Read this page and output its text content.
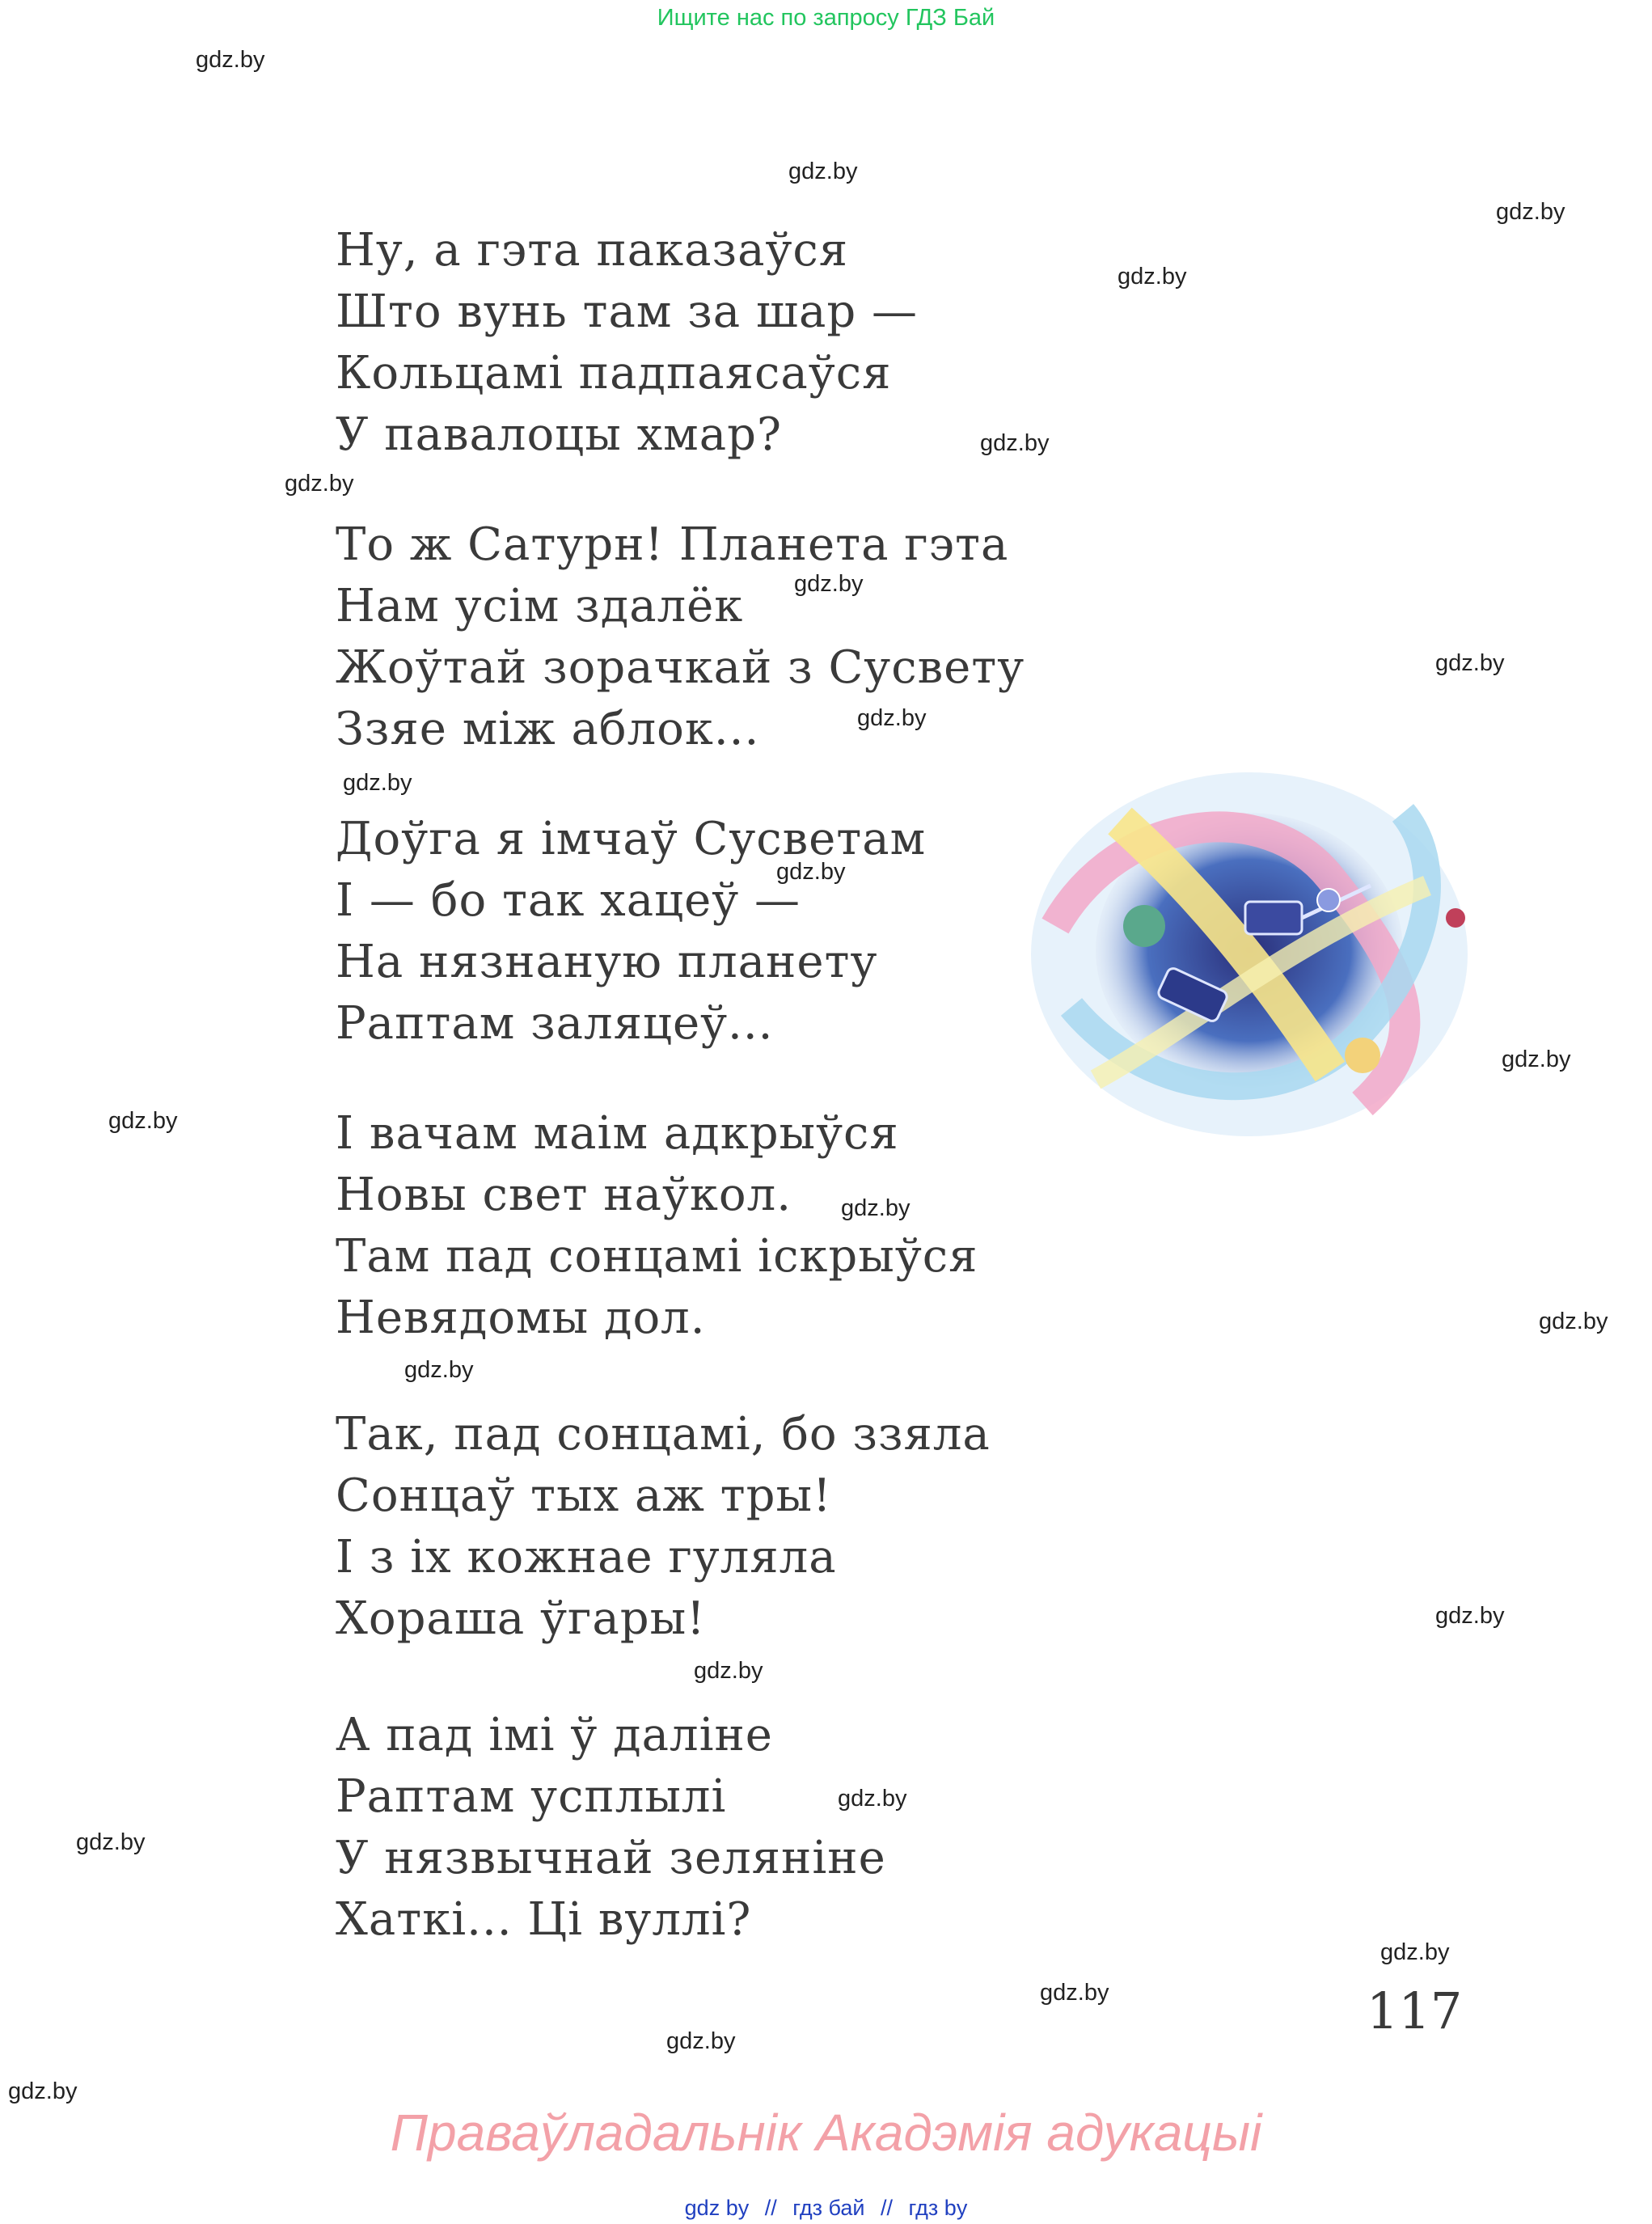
Ищите нас по запросу ГДЗ Бай
gdz.by
gdz.by
gdz.by
gdz.by
gdz.by
gdz.by
gdz.by
gdz.by
gdz.by
gdz.by
gdz.by
gdz.by
gdz.by
gdz.by
gdz.by
gdz.by
gdz.by
gdz.by
gdz.by
gdz.by
gdz.by
gdz.by
gdz.by
gdz.by
Ну, а гэта паказаўся
Што вунь там за шар —
Кольцамі падпаясаўся
У павалоцы хмар?
То ж Сатурн! Планета гэта
Нам усім здалёк
Жоўтай зорачкай з Сусвету
Ззяе між аблок...
Доўга я імчаў Сусветам
І — бо так хацеў —
На нязнаную планету
Раптам заляцеў...
І вачам маім адкрыўся
Новы свет наўкол.
Там пад сонцамі іскрыўся
Невядомы дол.
Так, пад сонцамі, бо ззяла
Сонцаў тых аж тры!
І з іх кожнае гуляла
Хораша ўгары!
А пад імі ў даліне
Раптам усплылі
У нязвычнай зеляніне
Хаткі... Ці вуллі?
117
Праваўладальнік Акадэмія адукацыі
gdz by // гдз бай // гдз by
